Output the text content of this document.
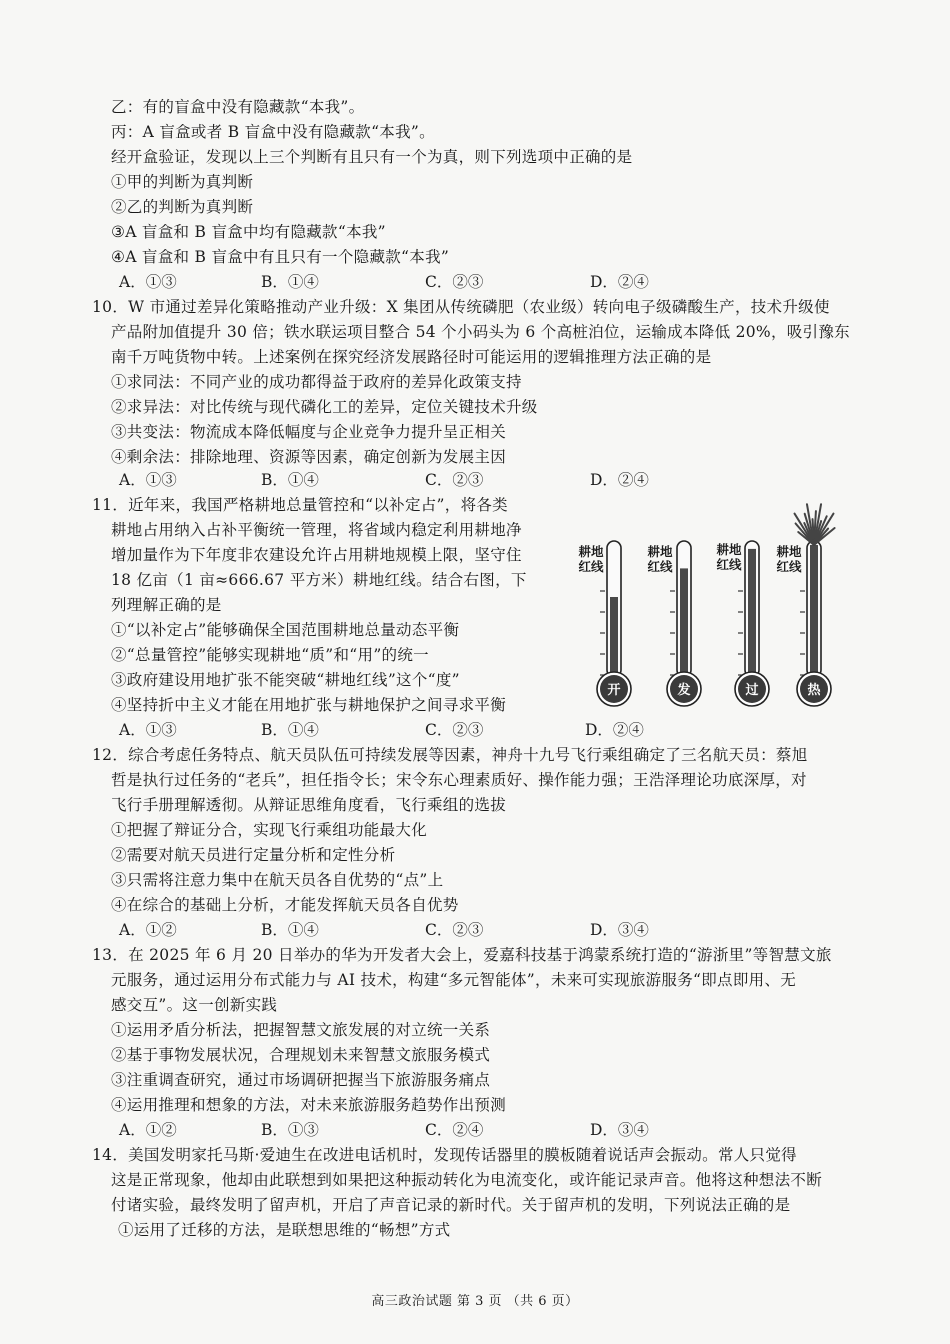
乙：有的盲盒中没有隐藏款“本我”。
丙：A 盲盒或者 B 盲盒中没有隐藏款“本我”。
经开盒验证，发现以上三个判断有且只有一个为真，则下列选项中正确的是
①甲的判断为真判断
②乙的判断为真判断
③A 盲盒和 B 盲盒中均有隐藏款“本我”
④A 盲盒和 B 盲盒中有且只有一个隐藏款“本我”
A．①③	B．①④	C．②③	D．②④
10．W 市通过差异化策略推动产业升级：X 集团从传统磷肥（农业级）转向电子级磷酸生产，技术升级使
产品附加值提升 30 倍；铁水联运项目整合 54 个小码头为 6 个高桩泊位，运输成本降低 20%，吸引豫东
南千万吨货物中转。上述案例在探究经济发展路径时可能运用的逻辑推理方法正确的是
①求同法：不同产业的成功都得益于政府的差异化政策支持
②求异法：对比传统与现代磷化工的差异，定位关键技术升级
③共变法：物流成本降低幅度与企业竞争力提升呈正相关
④剩余法：排除地理、资源等因素，确定创新为发展主因
A．①③	B．①④	C．②③	D．②④
11．近年来，我国严格耕地总量管控和“以补定占”，将各类
耕地占用纳入占补平衡统一管理，将省域内稳定利用耕地净
增加量作为下年度非农建设允许占用耕地规模上限，坚守住
18 亿亩（1 亩≈666.67 平方米）耕地红线。结合右图，下
列理解正确的是
①“以补定占”能够确保全国范围耕地总量动态平衡
②“总量管控”能够实现耕地“质”和“用”的统一
③政府建设用地扩张不能突破“耕地红线”这个“度”
④坚持折中主义才能在用地扩张与耕地保护之间寻求平衡
A．①③	B．①④	C．②③	D．②④
开	发	过	热
耕地
红线
耕地
红线
耕地
红线
耕地
红线
12．综合考虑任务特点、航天员队伍可持续发展等因素，神舟十九号飞行乘组确定了三名航天员：蔡旭
哲是执行过任务的“老兵”，担任指令长；宋令东心理素质好、操作能力强；王浩泽理论功底深厚，对
飞行手册理解透彻。从辩证思维角度看，飞行乘组的选拔
①把握了辩证分合，实现飞行乘组功能最大化
②需要对航天员进行定量分析和定性分析
③只需将注意力集中在航天员各自优势的“点”上
④在综合的基础上分析，才能发挥航天员各自优势
A．①②	B．①④	C．②③	D．③④
13．在 2025 年 6 月 20 日举办的华为开发者大会上，爱嘉科技基于鸿蒙系统打造的“游浙里”等智慧文旅
元服务，通过运用分布式能力与 AI 技术，构建“多元智能体”，未来可实现旅游服务“即点即用、无
感交互”。这一创新实践
①运用矛盾分析法，把握智慧文旅发展的对立统一关系
②基于事物发展状况，合理规划未来智慧文旅服务模式
③注重调查研究，通过市场调研把握当下旅游服务痛点
④运用推理和想象的方法，对未来旅游服务趋势作出预测
A．①②	B．①③	C．②④	D．③④
14．美国发明家托马斯·爱迪生在改进电话机时，发现传话器里的膜板随着说话声会振动。常人只觉得
这是正常现象，他却由此联想到如果把这种振动转化为电流变化，或许能记录声音。他将这种想法不断
付诸实验，最终发明了留声机，开启了声音记录的新时代。关于留声机的发明，下列说法正确的是
①运用了迁移的方法，是联想思维的“畅想”方式
高三政治试题 第 3 页 （共 6 页）
